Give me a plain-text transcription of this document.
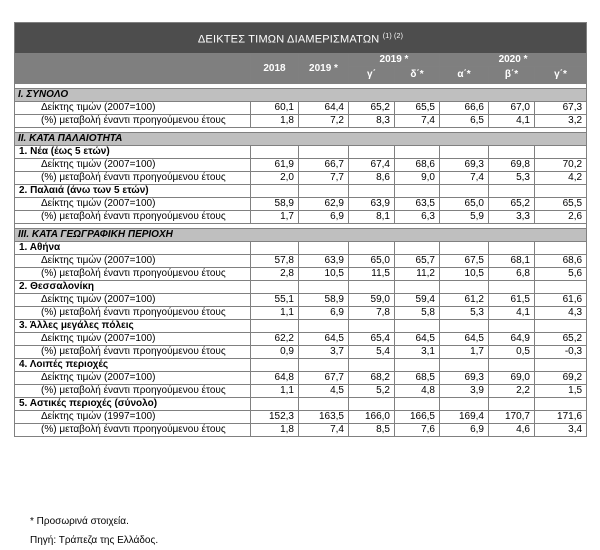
ΔΕΙΚΤΕΣ ΤΙΜΩΝ ΔΙΑΜΕΡΙΣΜΑΤΩΝ $^{(1) (2)}$
	2018	2019 *	2019 *		2020 *		
			γ΄	δ΄*	α΄*	β΄*	γ΄*

I. ΣΥΝΟΛΟ							
Δείκτης τιμών (2007=100)	60,1	64,4	65,2	65,5	66,6	67,0	67,3
(%) μεταβολή έναντι προηγούμενου έτους	1,8	7,2	8,3	7,4	6,5	4,1	3,2

II. ΚΑΤΑ ΠΑΛΑΙΟΤΗΤΑ							
1. Νέα (έως 5 ετών)							
Δείκτης τιμών (2007=100)	61,9	66,7	67,4	68,6	69,3	69,8	70,2
(%) μεταβολή έναντι προηγούμενου έτους	2,0	7,7	8,6	9,0	7,4	5,3	4,2
2. Παλαιά (άνω των 5 ετών)							
Δείκτης τιμών (2007=100)	58,9	62,9	63,9	63,5	65,0	65,2	65,5
(%) μεταβολή έναντι προηγούμενου έτους	1,7	6,9	8,1	6,3	5,9	3,3	2,6

III. ΚΑΤΑ ΓΕΩΓΡΑΦΙΚΗ ΠΕΡΙΟΧΗ							
1. Αθήνα							
Δείκτης τιμών (2007=100)	57,8	63,9	65,0	65,7	67,5	68,1	68,6
(%) μεταβολή έναντι προηγούμενου έτους	2,8	10,5	11,5	11,2	10,5	6,8	5,6
2. Θεσσαλονίκη							
Δείκτης τιμών (2007=100)	55,1	58,9	59,0	59,4	61,2	61,5	61,6
(%) μεταβολή έναντι προηγούμενου έτους	1,1	6,9	7,8	5,8	5,3	4,1	4,3
3. Άλλες μεγάλες πόλεις							
Δείκτης τιμών (2007=100)	62,2	64,5	65,4	64,5	64,5	64,9	65,2
(%) μεταβολή έναντι προηγούμενου έτους	0,9	3,7	5,4	3,1	1,7	0,5	-0,3
4. Λοιπές περιοχές							
Δείκτης τιμών (2007=100)	64,8	67,7	68,2	68,5	69,3	69,0	69,2
(%) μεταβολή έναντι προηγούμενου έτους	1,1	4,5	5,2	4,8	3,9	2,2	1,5
5. Αστικές περιοχές (σύνολο)							
Δείκτης τιμών (1997=100)	152,3	163,5	166,0	166,5	169,4	170,7	171,6
(%) μεταβολή έναντι προηγούμενου έτους	1,8	7,4	8,5	7,6	6,9	4,6	3,4
* Προσωρινά στοιχεία.
Πηγή: Τράπεζα της Ελλάδος.
